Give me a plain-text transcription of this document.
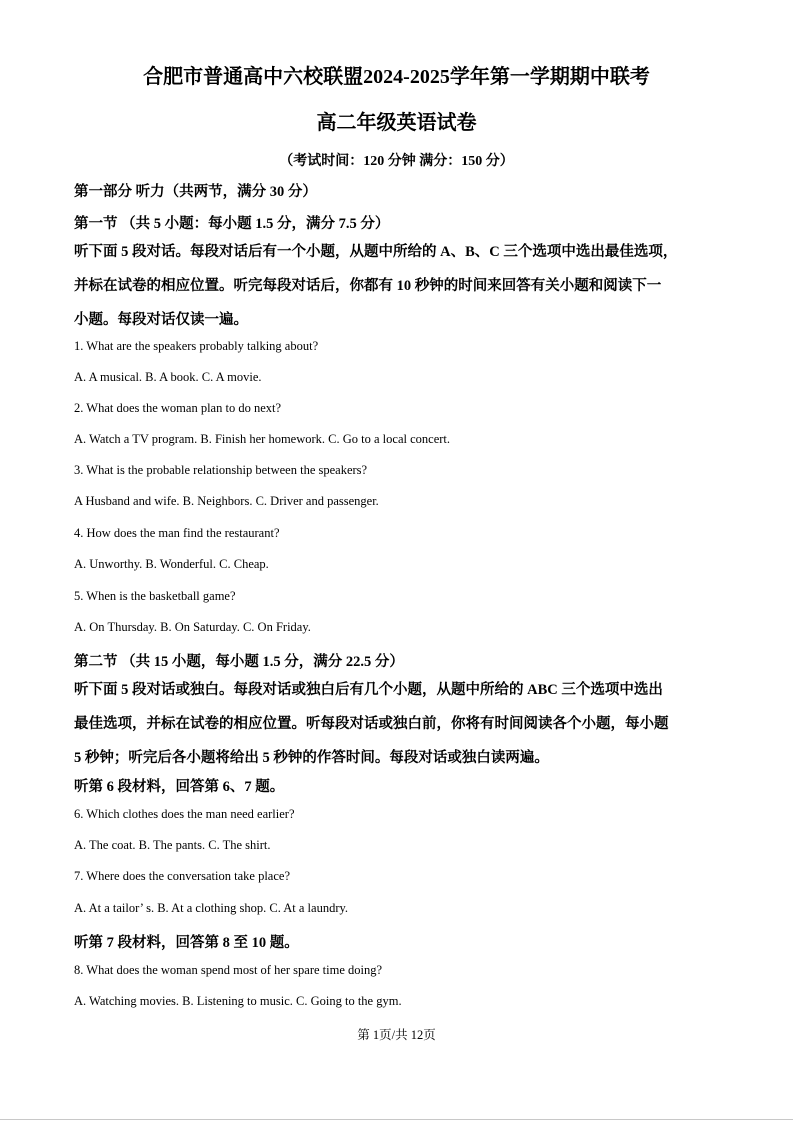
合肥市普通高中六校联盟2024-2025学年第一学期期中联考
高二年级英语试卷
（考试时间：120 分钟 满分：150 分）
第一部分 听力（共两节，满分 30 分）
第一节 （共 5 小题：每小题 1.5 分，满分 7.5 分）
听下面 5 段对话。每段对话后有一个小题，从题中所给的 A、B、C 三个选项中选出最佳选项，
并标在试卷的相应位置。听完每段对话后，你都有 10 秒钟的时间来回答有关小题和阅读下一
小题。每段对话仅读一遍。
1. What are the speakers probably talking about?
A. A musical. B. A book. C. A movie.
2. What does the woman plan to do next?
A. Watch a TV program. B. Finish her homework. C. Go to a local concert.
3. What is the probable relationship between the speakers?
A Husband and wife. B. Neighbors. C. Driver and passenger.
4. How does the man find the restaurant?
A. Unworthy. B. Wonderful. C. Cheap.
5. When is the basketball game?
A. On Thursday. B. On Saturday. C. On Friday.
第二节 （共 15 小题，每小题 1.5 分，满分 22.5 分）
听下面 5 段对话或独白。每段对话或独白后有几个小题，从题中所给的 ABC 三个选项中选出
最佳选项，并标在试卷的相应位置。听每段对话或独白前，你将有时间阅读各个小题，每小题
5 秒钟；听完后各小题将给出 5 秒钟的作答时间。每段对话或独白读两遍。
听第 6 段材料，回答第 6、7 题。
6. Which clothes does the man need earlier?
A. The coat. B. The pants. C. The shirt.
7. Where does the conversation take place?
A. At a tailor’ s. B. At a clothing shop. C. At a laundry.
听第 7 段材料，回答第 8 至 10 题。
8. What does the woman spend most of her spare time doing?
A. Watching movies. B. Listening to music. C. Going to the gym.
第 1页/共 12页
